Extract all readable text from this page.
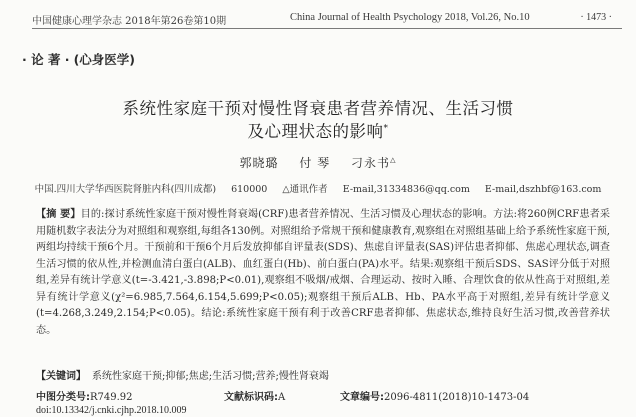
中国健康心理学杂志 2018年第26卷第10期	China Journal of Health Psychology 2018, Vol.26, No.10	· 1473 ·
· 论 著 · (心身医学)
系统性家庭干预对慢性肾衰患者营养情况、生活习惯
及心理状态的影响*
郭晓璐 付 琴 刁永书△
中国.四川大学华西医院肾脏内科(四川成都) 610000 △通讯作者 E-mail,31334836@qq.com E-mail,dszhbf@163.com
【摘 要】目的:探讨系统性家庭干预对慢性肾衰竭(CRF)患者营养情况、生活习惯及心理状态的影响。方法:将260例CRF患者采用随机数字表法分为对照组和观察组,每组各130例。对照组给予常规干预和健康教育,观察组在对照组基础上给予系统性家庭干预,两组均持续干预6个月。干预前和干预6个月后发放抑郁自评量表(SDS)、焦虑自评量表(SAS)评估患者抑郁、焦虑心理状态,调查生活习惯的依从性,并检测血清白蛋白(ALB)、血红蛋白(Hb)、前白蛋白(PA)水平。结果:观察组干预后SDS、SAS评分低于对照组,差异有统计学意义(t=-3.421,-3.898;P<0.01),观察组不吸烟/戒烟、合理运动、按时入睡、合理饮食的依从性高于对照组,差异有统计学意义(χ²=6.985,7.564,6.154,5.699;P<0.05);观察组干预后ALB、Hb、PA水平高于对照组,差异有统计学意义(t=4.268,3.249,2.154;P<0.05)。结论:系统性家庭干预有利于改善CRF患者抑郁、焦虑状态,维持良好生活习惯,改善营养状态。
【关键词】 系统性家庭干预;抑郁;焦虑;生活习惯;营养;慢性肾衰竭
中图分类号:R749.92	文献标识码:A	文章编号:2096-4811(2018)10-1473-04
doi:10.13342/j.cnki.cjhp.2018.10.009
